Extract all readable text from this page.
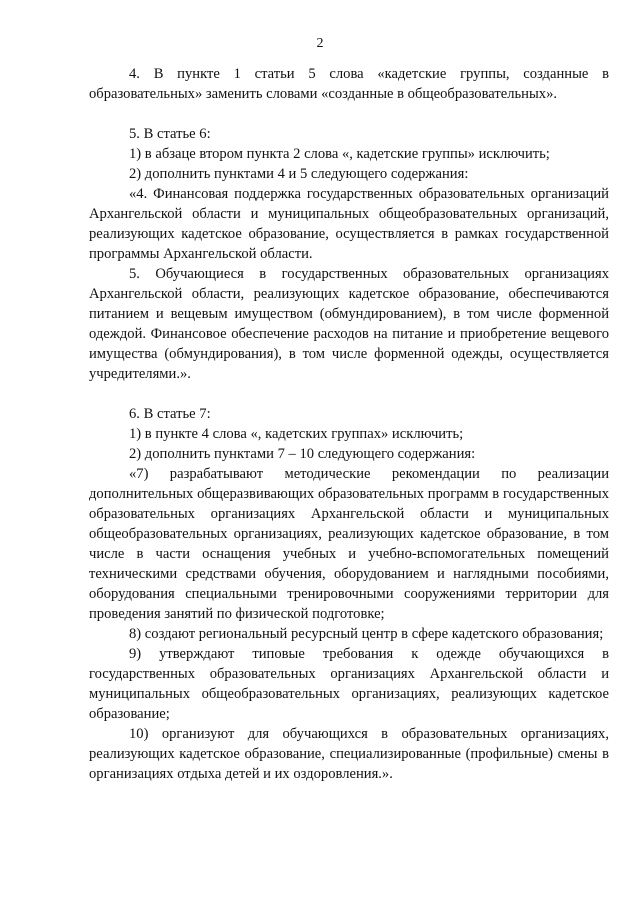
2

4. В пункте 1 статьи 5 слова «кадетские группы, созданные в образовательных» заменить словами «созданные в общеобразовательных».

5. В статье 6:

1) в абзаце втором пункта 2 слова «, кадетские группы» исключить;

2) дополнить пунктами 4 и 5 следующего содержания:

«4. Финансовая поддержка государственных образовательных организаций Архангельской области и муниципальных общеобразовательных организаций, реализующих кадетское образование, осуществляется в рамках государственной программы Архангельской области.

5. Обучающиеся в государственных образовательных организациях Архангельской области, реализующих кадетское образование, обеспечиваются питанием и вещевым имуществом (обмундированием), в том числе форменной одеждой. Финансовое обеспечение расходов на питание и приобретение вещевого имущества (обмундирования), в том числе форменной одежды, осуществляется учредителями.».

6. В статье 7:

1) в пункте 4 слова «, кадетских группах» исключить;

2) дополнить пунктами 7 – 10 следующего содержания:

«7) разрабатывают методические рекомендации по реализации дополнительных общеразвивающих образовательных программ в государственных образовательных организациях Архангельской области и муниципальных общеобразовательных организациях, реализующих кадетское образование, в том числе в части оснащения учебных и учебно-вспомогательных помещений техническими средствами обучения, оборудованием и наглядными пособиями, оборудования специальными тренировочными сооружениями территории для проведения занятий по физической подготовке;

8) создают региональный ресурсный центр в сфере кадетского образования;

9) утверждают типовые требования к одежде обучающихся в государственных образовательных организациях Архангельской области и муниципальных общеобразовательных организациях, реализующих кадетское образование;

10) организуют для обучающихся в образовательных организациях, реализующих кадетское образование, специализированные (профильные) смены в организациях отдыха детей и их оздоровления.».
